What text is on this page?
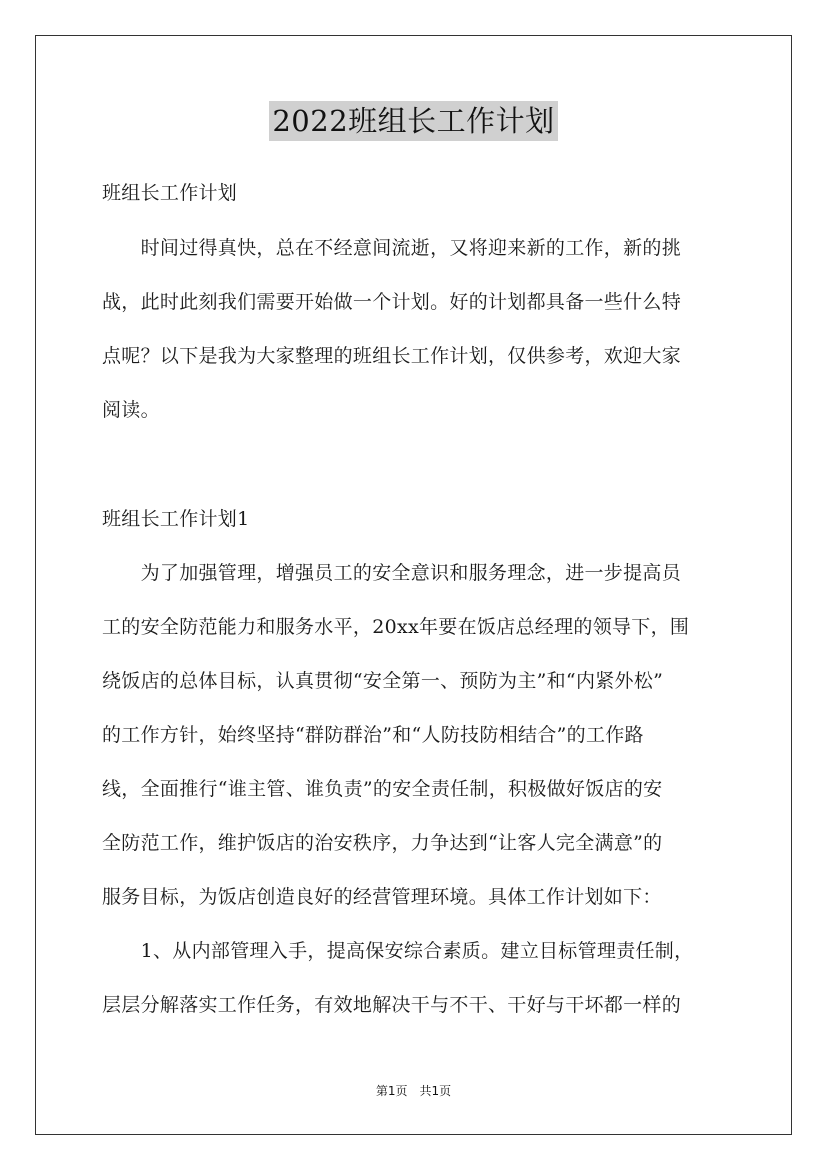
2022班组长工作计划
班组长工作计划
　　时间过得真快，总在不经意间流逝，又将迎来新的工作，新的挑
战，此时此刻我们需要开始做一个计划。好的计划都具备一些什么特
点呢？以下是我为大家整理的班组长工作计划，仅供参考，欢迎大家
阅读。
班组长工作计划1
　　为了加强管理，增强员工的安全意识和服务理念，进一步提高员
工的安全防范能力和服务水平，20xx年要在饭店总经理的领导下，围
绕饭店的总体目标，认真贯彻“安全第一、预防为主”和“内紧外松”
的工作方针，始终坚持“群防群治”和“人防技防相结合”的工作路
线，全面推行“谁主管、谁负责”的安全责任制，积极做好饭店的安
全防范工作，维护饭店的治安秩序，力争达到“让客人完全满意”的
服务目标，为饭店创造良好的经营管理环境。具体工作计划如下：
　　1、从内部管理入手，提高保安综合素质。建立目标管理责任制，
层层分解落实工作任务，有效地解决干与不干、干好与干坏都一样的
第1页　共1页
